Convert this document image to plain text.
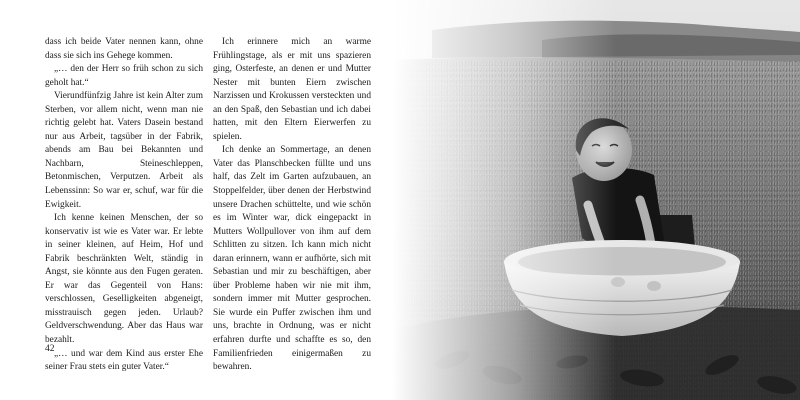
dass ich beide Vater nennen kann, ohne dass sie sich ins Gehege kommen.

„… den der Herr so früh schon zu sich geholt hat.“

Vierundfünfzig Jahre ist kein Alter zum Sterben, vor allem nicht, wenn man nie richtig gelebt hat. Vaters Dasein bestand nur aus Arbeit, tagsüber in der Fabrik, abends am Bau bei Bekannten und Nachbarn, Steineschleppen, Betonmischen, Verputzen. Arbeit als Lebenssinn: So war er, schuf, war für die Ewigkeit.

Ich kenne keinen Menschen, der so konservativ ist wie es Vater war. Er lebte in seiner kleinen, auf Heim, Hof und Fabrik beschränkten Welt, ständig in Angst, sie könnte aus den Fugen geraten. Er war das Gegenteil von Hans: verschlossen, Geselligkeiten abgeneigt, misstrauisch gegen jeden. Urlaub? Geldverschwendung. Aber das Haus war bezahlt.

„… und war dem Kind aus erster Ehe seiner Frau stets ein guter Vater.“

Ich erinnere mich an warme Frühlingstage, als er mit uns spazieren ging, Osterfeste, an denen er und Mutter Nester mit bunten Eiern zwischen Narzissen und Krokussen versteckten und an den Spaß, den Sebastian und ich dabei hatten, mit den Eltern Eierwerfen zu spielen.

Ich denke an Sommertage, an denen Vater das Planschbecken füllte und uns half, das Zelt im Garten aufzubauen, an Stoppelfelder, über denen der Herbstwind unsere Drachen schüttelte, und wie schön es im Winter war, dick eingepackt in Mutters Wollpullover von ihm auf dem Schlitten zu sitzen. Ich kann mich nicht daran erinnern, wann er aufhörte, sich mit Sebastian und mir zu beschäftigen, aber über Probleme haben wir nie mit ihm, sondern immer mit Mutter gesprochen. Sie wurde ein Puffer zwischen ihm und uns, brachte in Ordnung, was er nicht erfahren durfte und schaffte es so, den Familienfrieden einigermaßen zu bewahren.

42
